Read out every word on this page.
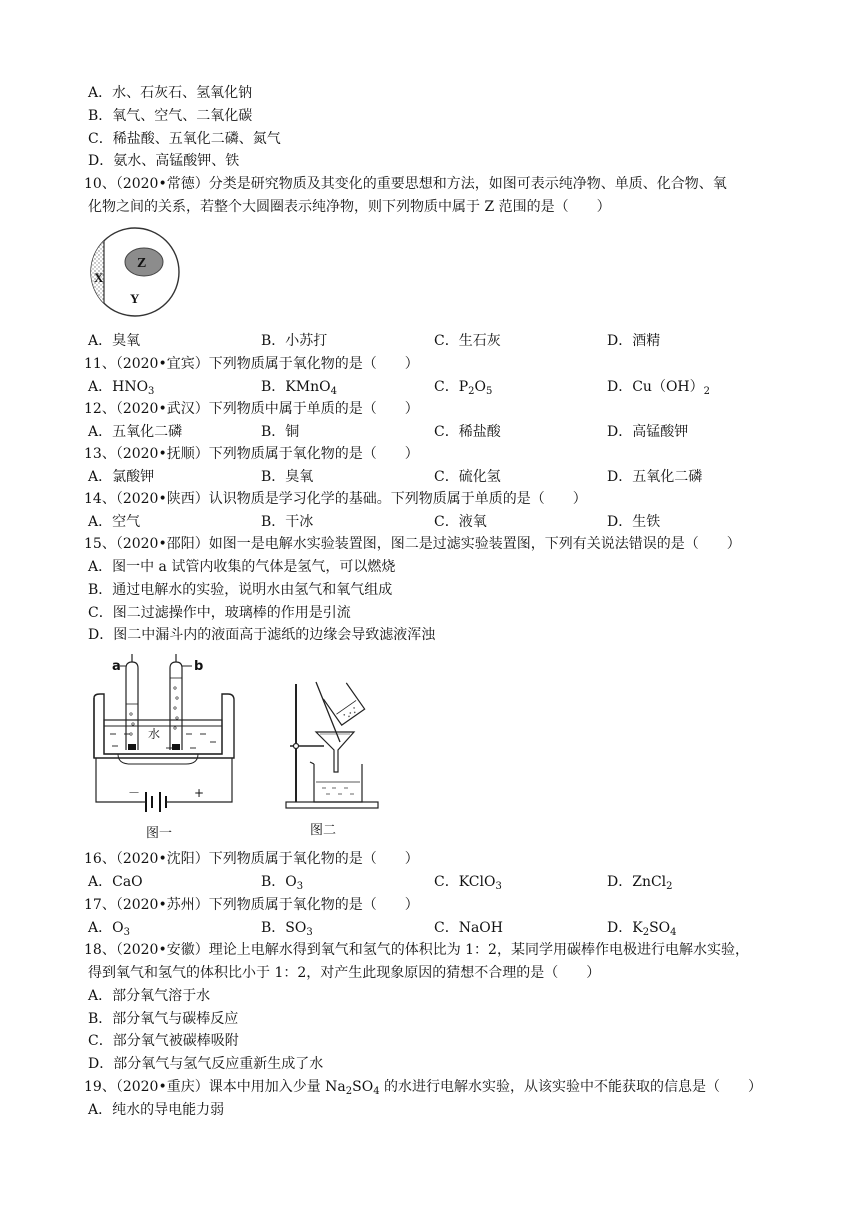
A．水、石灰石、氢氧化钠
B．氧气、空气、二氧化碳
C．稀盐酸、五氧化二磷、氮气
D．氨水、高锰酸钾、铁
10、（2020•常德）分类是研究物质及其变化的重要思想和方法，如图可表示纯净物、单质、化合物、氧
化物之间的关系，若整个大圆圈表示纯净物，则下列物质中属于 Z 范围的是（　　）
X
Z
Y
A．臭氧	B．小苏打	C．生石灰	D．酒精
11、（2020•宜宾）下列物质属于氧化物的是（　　）
A．$HNO_3$	B．KMnO$_4$	C．$P_2O_5$	D．$Cu(OH)_2$
12、（2020•武汉）下列物质中属于单质的是（　　）
A．五氧化二磷	B．铜	C．稀盐酸	D．高锰酸钾
13、（2020•抚顺）下列物质属于氧化物的是（　　）
A．氯酸钾	B．臭氧	C．硫化氢	D．五氧化二磷
14、（2020•陕西）认识物质是学习化学的基础。下列物质属于单质的是（　　）
A．空气	B．干冰	C．液氧	D．生铁
15、（2020•邵阳）如图一是电解水实验装置图，图二是过滤实验装置图，下列有关说法错误的是（　　）
A．图一中 a 试管内收集的气体是氢气，可以燃烧
B．通过电解水的实验，说明水由氢气和氧气组成
C．图二过滤操作中，玻璃棒的作用是引流
D．图二中漏斗内的液面高于滤纸的边缘会导致滤液浑浊
－	+
水
a	b
图一	图二
16、（2020•沈阳）下列物质属于氧化物的是（　　）
A．CaO	B．$O_3$	C．KClO$_3$	D．ZnCl$_2$
17、（2020•苏州）下列物质属于氧化物的是（　　）
A．$O_3$	B．$SO_3$	C．NaOH	D．$K_2SO_4$
18、（2020•安徽）理论上电解水得到氧气和氢气的体积比为 1：2，某同学用碳棒作电极进行电解水实验，
得到氧气和氢气的体积比小于 1：2，对产生此现象原因的猜想不合理的是（　　）
A．部分氧气溶于水
B．部分氧气与碳棒反应
C．部分氧气被碳棒吸附
D．部分氧气与氢气反应重新生成了水
19、（2020•重庆）课本中用加入少量 $Na_2SO_4$ 的水进行电解水实验，从该实验中不能获取的信息是（　　）
A．纯水的导电能力弱
